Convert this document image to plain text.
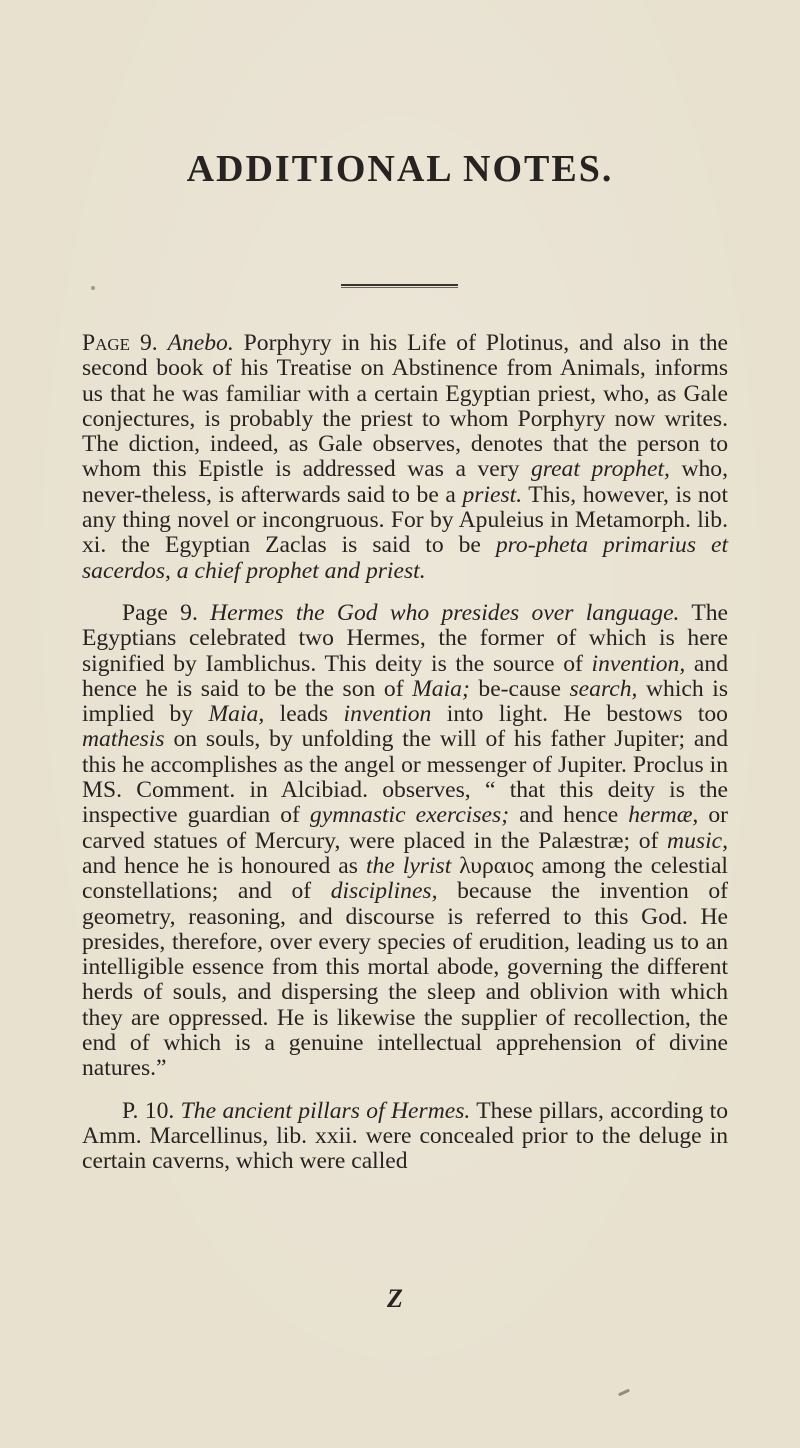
ADDITIONAL NOTES.

Page 9. Anebo. Porphyry in his Life of Plotinus, and also in the second book of his Treatise on Abstinence from Animals, informs us that he was familiar with a certain Egyptian priest, who, as Gale conjectures, is probably the priest to whom Porphyry now writes. The diction, indeed, as Gale observes, denotes that the person to whom this Epistle is addressed was a very great prophet, who, never-theless, is afterwards said to be a priest. This, however, is not any thing novel or incongruous. For by Apuleius in Metamorph. lib. xi. the Egyptian Zaclas is said to be pro-pheta primarius et sacerdos, a chief prophet and priest.

Page 9. Hermes the God who presides over language. The Egyptians celebrated two Hermes, the former of which is here signified by Iamblichus. This deity is the source of invention, and hence he is said to be the son of Maia; be-cause search, which is implied by Maia, leads invention into light. He bestows too mathesis on souls, by unfolding the will of his father Jupiter; and this he accomplishes as the angel or messenger of Jupiter. Proclus in MS. Comment. in Alcibiad. observes, “ that this deity is the inspective guardian of gymnastic exercises; and hence hermæ, or carved statues of Mercury, were placed in the Palæstræ; of music, and hence he is honoured as the lyrist λυραιος among the celestial constellations; and of disciplines, because the invention of geometry, reasoning, and discourse is referred to this God. He presides, therefore, over every species of erudition, leading us to an intelligible essence from this mortal abode, governing the different herds of souls, and dispersing the sleep and oblivion with which they are oppressed. He is likewise the supplier of recollection, the end of which is a genuine intellectual apprehension of divine natures.”

P. 10. The ancient pillars of Hermes. These pillars, according to Amm. Marcellinus, lib. xxii. were concealed prior to the deluge in certain caverns, which were called

Z
